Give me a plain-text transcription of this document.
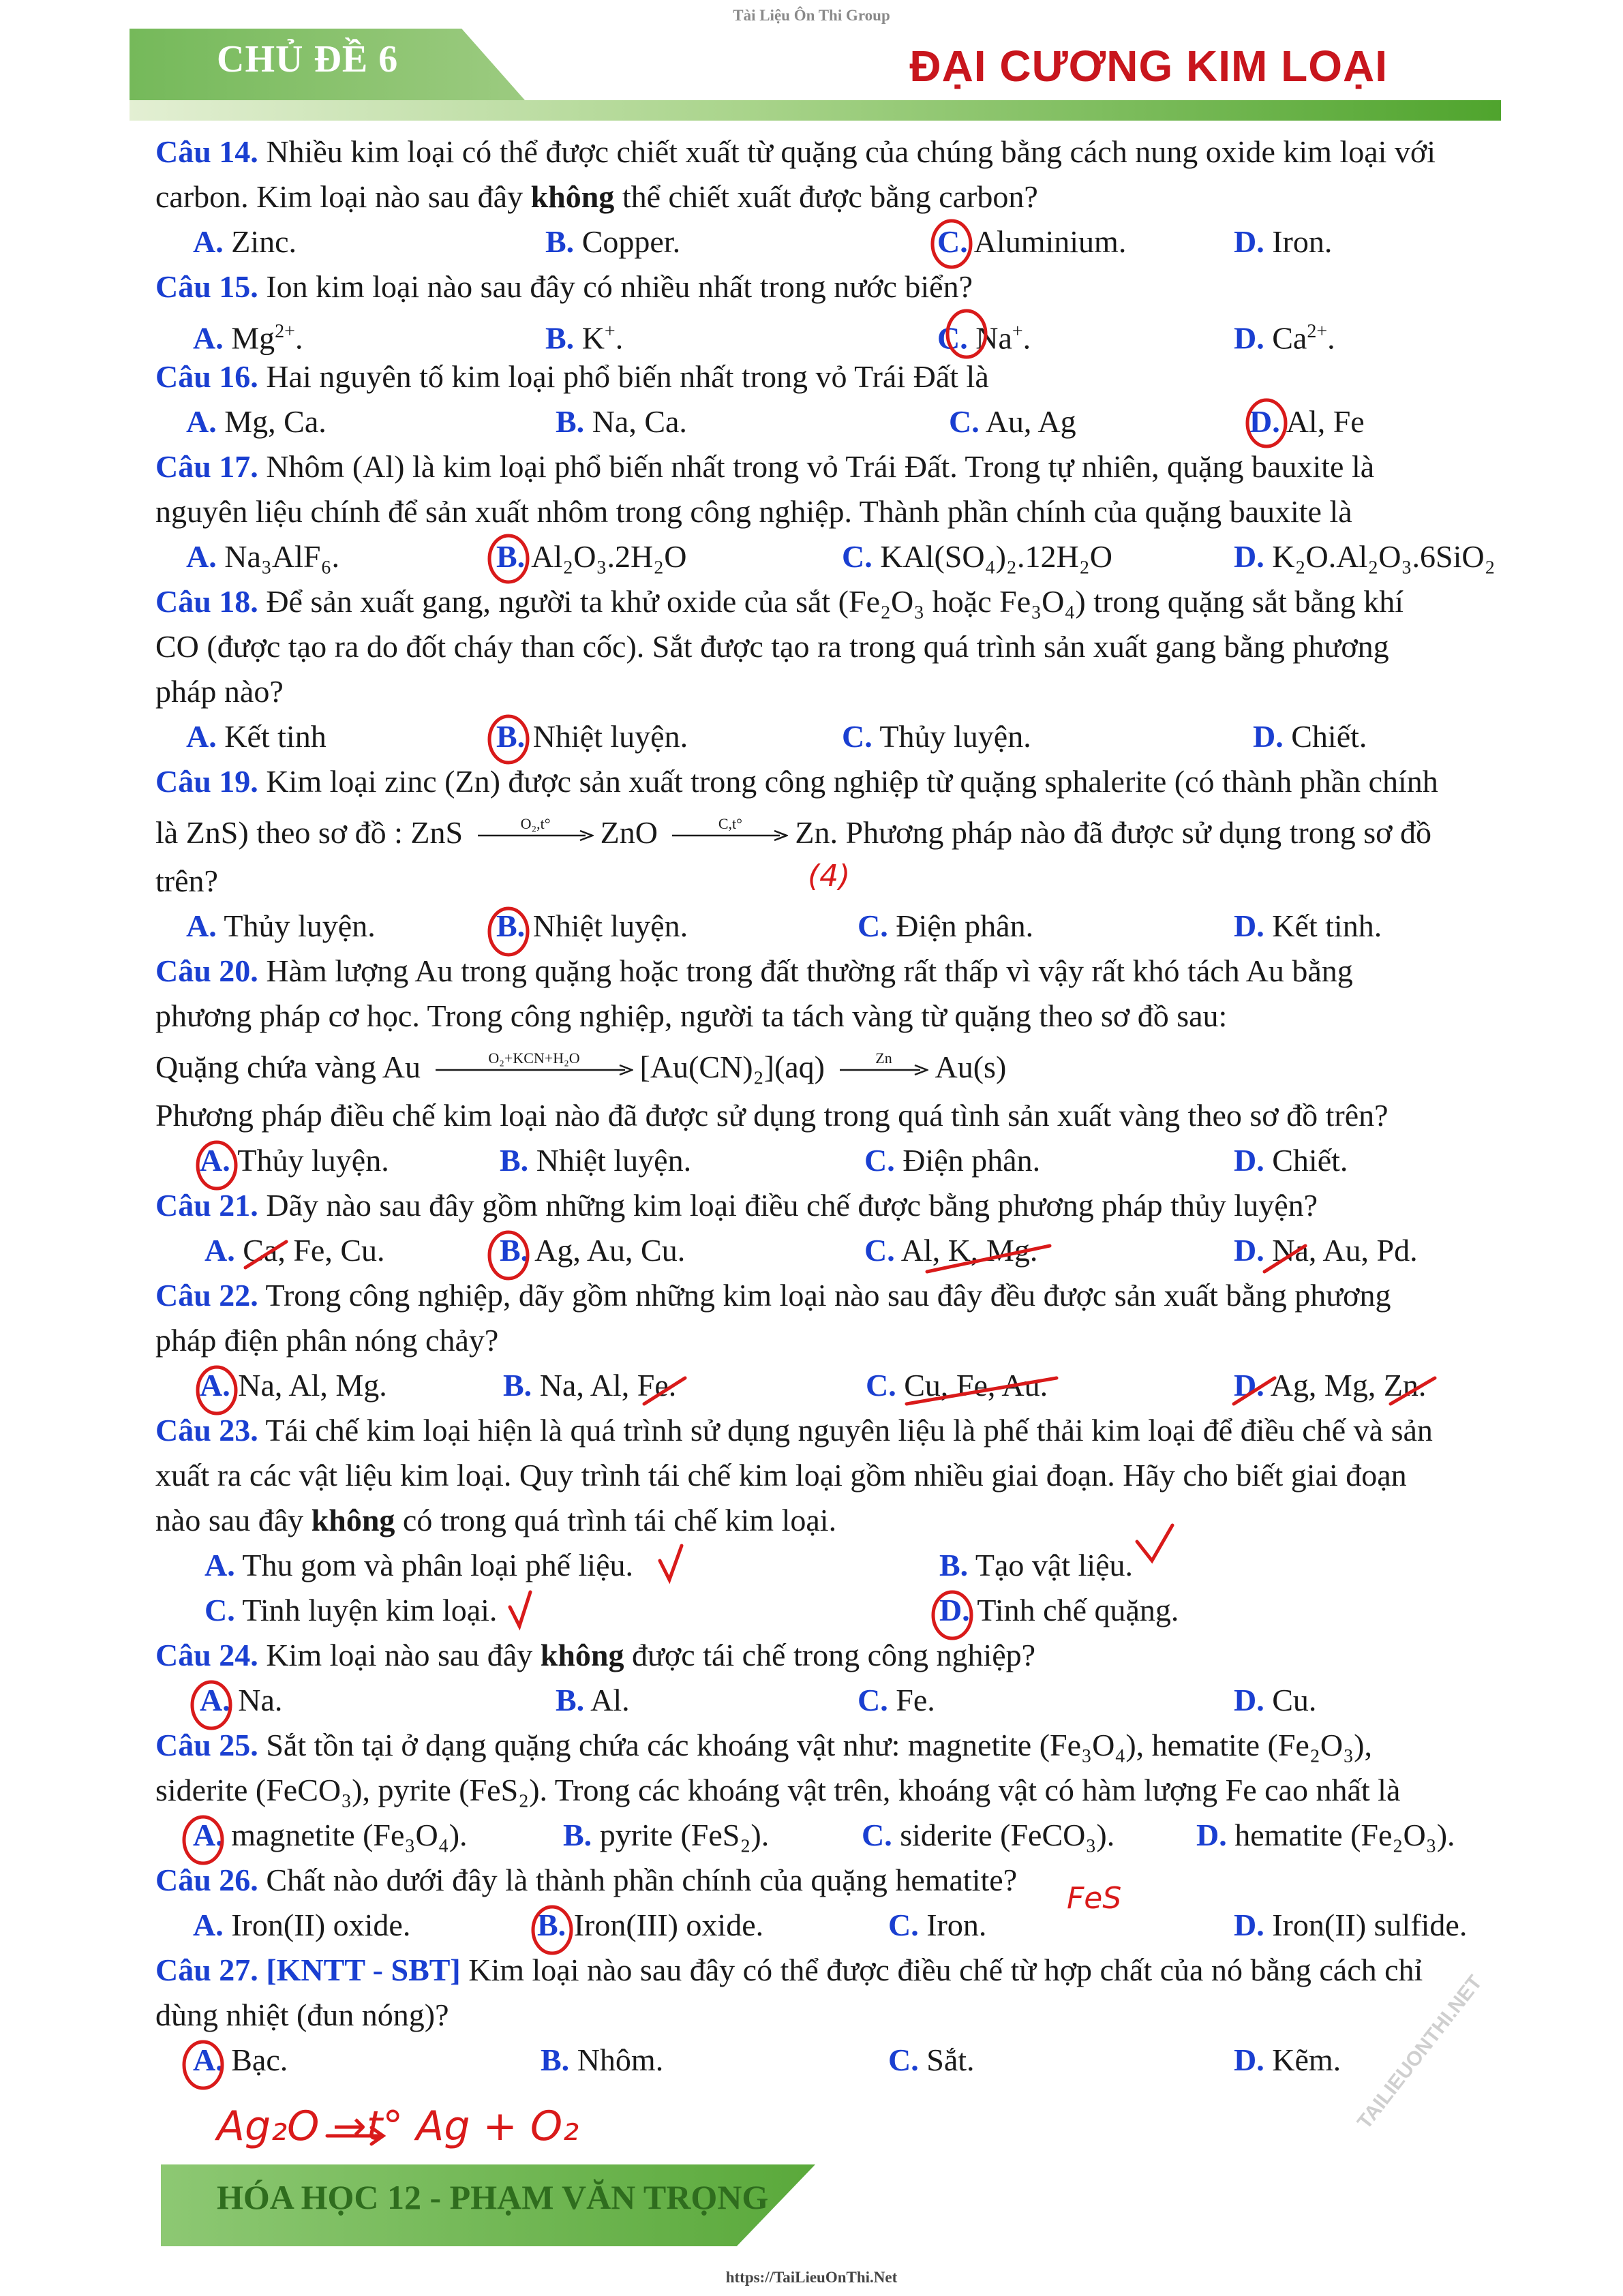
Tài Liệu Ôn Thi Group
CHỦ ĐỀ 6	ĐẠI CƯƠNG KIM LOẠI
Câu 14. Nhiều kim loại có thể được chiết xuất từ quặng của chúng bằng cách nung oxide kim loại với
carbon. Kim loại nào sau đây không thể chiết xuất được bằng carbon?
A. Zinc.	B. Copper.	C. Aluminium.	D. Iron.
Câu 15. Ion kim loại nào sau đây có nhiều nhất trong nước biển?
A. $Mg^{2+}$.	B. K+.	C. Na+.	D. $Ca^{2+}$.
Câu 16. Hai nguyên tố kim loại phổ biến nhất trong vỏ Trái Đất là
A. Mg, Ca.	B. Na, Ca.	C. Au, Ag	D. Al, Fe
Câu 17. Nhôm (Al) là kim loại phổ biến nhất trong vỏ Trái Đất. Trong tự nhiên, quặng bauxite là
nguyên liệu chính để sản xuất nhôm trong công nghiệp. Thành phần chính của quặng bauxite là
A. Na₃AlF₆.	B. Al₂O₃.2H₂O	C. KAl(SO₄)₂.12H₂O	D. K₂O.Al₂O₃.6SiO₂
Câu 18. Để sản xuất gang, người ta khử oxide của sắt (Fe₂O₃ hoặc Fe₃O₄) trong quặng sắt bằng khí
CO (được tạo ra do đốt cháy than cốc). Sắt được tạo ra trong quá trình sản xuất gang bằng phương
pháp nào?
A. Kết tinh	B. Nhiệt luyện.	C. Thủy luyện.	D. Chiết.
Câu 19. Kim loại zinc (Zn) được sản xuất trong công nghiệp từ quặng sphalerite (có thành phần chính
là ZnS) theo sơ đồ : ZnS	O₂,t°	ZnO	C,t°	Zn. Phương pháp nào đã được sử dụng trong sơ đồ
trên?
A. Thủy luyện.	B. Nhiệt luyện.	C. Điện phân.	D. Kết tinh.
Câu 20. Hàm lượng Au trong quặng hoặc trong đất thường rất thấp vì vậy rất khó tách Au bằng
phương pháp cơ học. Trong công nghiệp, người ta tách vàng từ quặng theo sơ đồ sau:
Quặng chứa vàng Au	O₂+KCN+H₂O	[Au(CN)₂](aq)	Zn	Au(s)
Phương pháp điều chế kim loại nào đã được sử dụng trong quá tình sản xuất vàng theo sơ đồ trên?
A. Thủy luyện.	B. Nhiệt luyện.	C. Điện phân.	D. Chiết.
Câu 21. Dãy nào sau đây gồm những kim loại điều chế được bằng phương pháp thủy luyện?
A. Ca, Fe, Cu.	B. Ag, Au, Cu.	C. Al, K, Mg.	D. Na, Au, Pd.
Câu 22. Trong công nghiệp, dãy gồm những kim loại nào sau đây đều được sản xuất bằng phương
pháp điện phân nóng chảy?
A. Na, Al, Mg.	B. Na, Al, Fe.	C. Cu, Fe, Au.	D. Ag, Mg, Zn.
Câu 23. Tái chế kim loại hiện là quá trình sử dụng nguyên liệu là phế thải kim loại để điều chế và sản
xuất ra các vật liệu kim loại. Quy trình tái chế kim loại gồm nhiều giai đoạn. Hãy cho biết giai đoạn
nào sau đây không có trong quá trình tái chế kim loại.
A. Thu gom và phân loại phế liệu.	B. Tạo vật liệu.
C. Tinh luyện kim loại.	D. Tinh chế quặng.
Câu 24. Kim loại nào sau đây không được tái chế trong công nghiệp?
A. Na.	B. Al.	C. Fe.	D. Cu.
Câu 25. Sắt tồn tại ở dạng quặng chứa các khoáng vật như: magnetite (Fe₃O₄), hematite (Fe₂O₃),
siderite (FeCO₃), pyrite (FeS₂). Trong các khoáng vật trên, khoáng vật có hàm lượng Fe cao nhất là
A. magnetite (Fe₃O₄).	B. pyrite (FeS₂).	C. siderite (FeCO₃).	D. hematite (Fe₂O₃).
Câu 26. Chất nào dưới đây là thành phần chính của quặng hematite?
A. Iron(II) oxide.	B. Iron(III) oxide.	C. Iron.	D. Iron(II) sulfide.
Câu 27. [KNTT - SBT] Kim loại nào sau đây có thể được điều chế từ hợp chất của nó bằng cách chỉ
dùng nhiệt (đun nóng)?
A. Bạc.	B. Nhôm.	C. Sắt.	D. Kẽm.
HÓA HỌC 12 - PHẠM VĂN TRỌNG
TAILIEUONTHI.NET
https://TaiLieuOnThi.Net
(4)
FeS
Ag₂O →t° Ag + O₂
